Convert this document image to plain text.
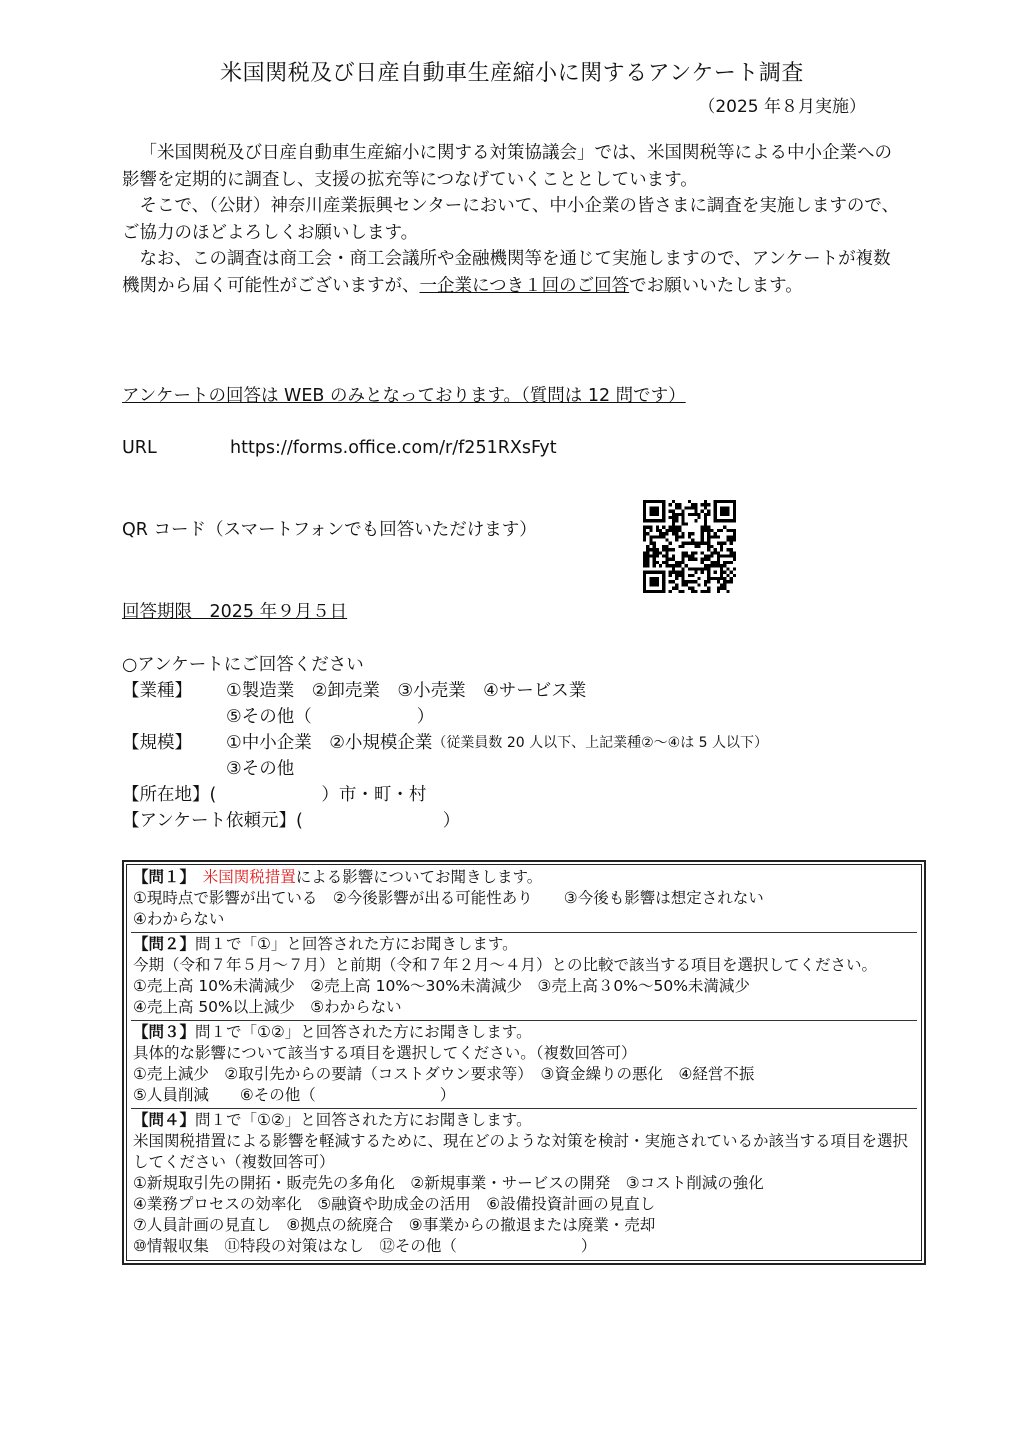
米国関税及び日産自動車生産縮小に関するアンケート調査
（2025 年８月実施）

「米国関税及び日産自動車生産縮小に関する対策協議会」では、米国関税等による中小企業への影響を定期的に調査し、支援の拡充等につなげていくこととしています。

そこで、（公財）神奈川産業振興センターにおいて、中小企業の皆さまに調査を実施しますので、ご協力のほどよろしくお願いします。

なお、この調査は商工会・商工会議所や金融機関等を通じて実施しますので、アンケートが複数機関から届く可能性がございますが、一企業につき１回のご回答でお願いいたします。

アンケートの回答は WEB のみとなっております。（質問は 12 問です）
URL	https://forms.office.com/r/f251RXsFyt
QR コード（スマートフォンでも回答いただけます）
回答期限　2025 年９月５日
○アンケートにご回答ください
【業種】	①製造業　②卸売業　③小売業　④サービス業
⑤その他（　　　　　　）
【規模】	①中小企業　②小規模企業 （従業員数 20 人以下、上記業種②～④は 5 人以下）
③その他
【所在地】(　　　　　　）市・町・村
【アンケート依頼元】(　　　　　　　　）
【問１】　 米国関税措置による影響についてお聞きします。
①現時点で影響が出ている　②今後影響が出る可能性あり　　③今後も影響は想定されない
④わからない
【問２】問１で「①」と回答された方にお聞きします。
今期（令和７年５月～７月）と前期（令和７年２月～４月）との比較で該当する項目を選択してください。
①売上高 10%未満減少　②売上高 10%～30%未満減少　③売上高３0%～50%未満減少
④売上高 50%以上減少　⑤わからない
【問３】問１で「①②」と回答された方にお聞きします。
具体的な影響について該当する項目を選択してください。（複数回答可）
①売上減少　②取引先からの要請（コストダウン要求等）　③資金繰りの悪化　④経営不振
⑤人員削減　　⑥その他（　　　　　　　　）
【問４】問１で「①②」と回答された方にお聞きします。
米国関税措置による影響を軽減するために、現在どのような対策を検討・実施されているか該当する項目を選択してください（複数回答可）
①新規取引先の開拓・販売先の多角化　②新規事業・サービスの開発　③コスト削減の強化
④業務プロセスの効率化　⑤融資や助成金の活用　⑥設備投資計画の見直し
⑦人員計画の見直し　⑧拠点の統廃合　⑨事業からの撤退または廃業・売却
⑩情報収集　⑪特段の対策はなし　⑫その他（　　　　　　　　）
